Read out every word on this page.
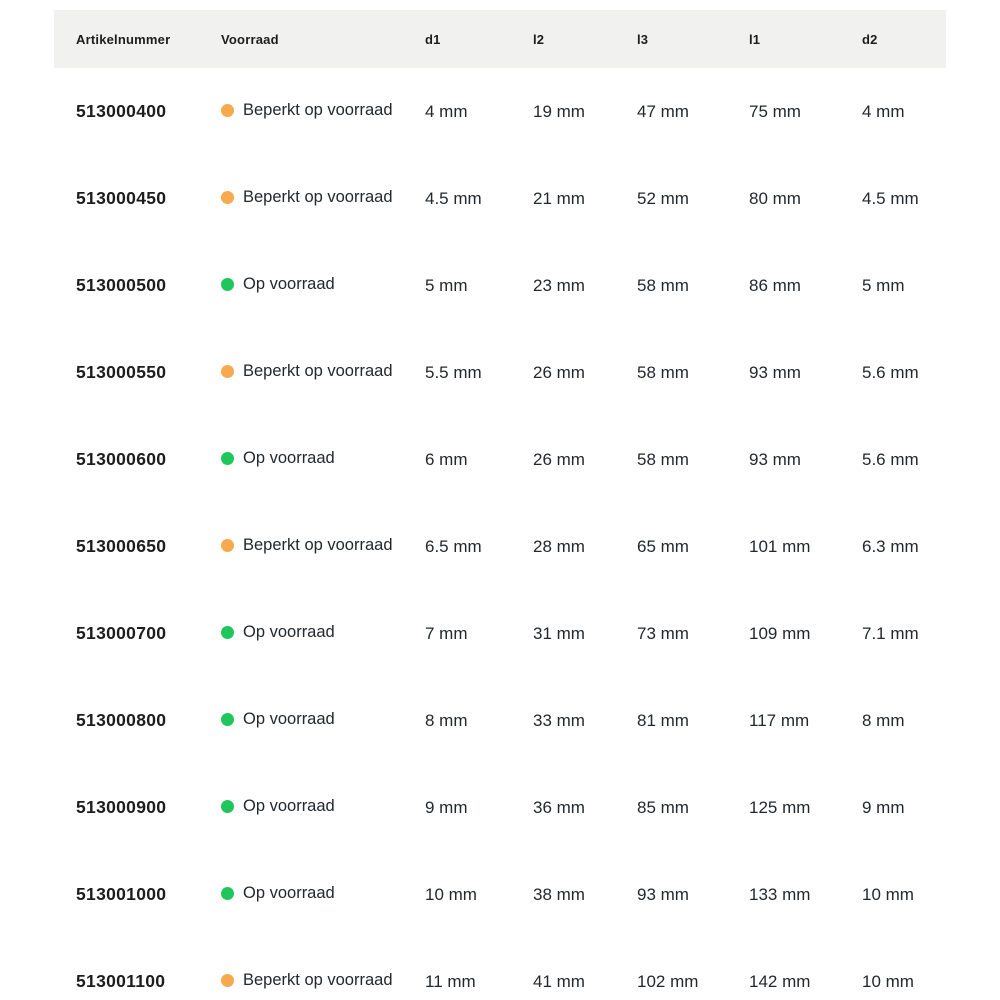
Artikelnummer	Voorraad	d1	l2	l3	l1	d2
513000400	Beperkt op voorraad	4 mm	19 mm	47 mm	75 mm	4 mm
513000450	Beperkt op voorraad	4.5 mm	21 mm	52 mm	80 mm	4.5 mm
513000500	Op voorraad	5 mm	23 mm	58 mm	86 mm	5 mm
513000550	Beperkt op voorraad	5.5 mm	26 mm	58 mm	93 mm	5.6 mm
513000600	Op voorraad	6 mm	26 mm	58 mm	93 mm	5.6 mm
513000650	Beperkt op voorraad	6.5 mm	28 mm	65 mm	101 mm	6.3 mm
513000700	Op voorraad	7 mm	31 mm	73 mm	109 mm	7.1 mm
513000800	Op voorraad	8 mm	33 mm	81 mm	117 mm	8 mm
513000900	Op voorraad	9 mm	36 mm	85 mm	125 mm	9 mm
513001000	Op voorraad	10 mm	38 mm	93 mm	133 mm	10 mm
513001100	Beperkt op voorraad	11 mm	41 mm	102 mm	142 mm	10 mm
